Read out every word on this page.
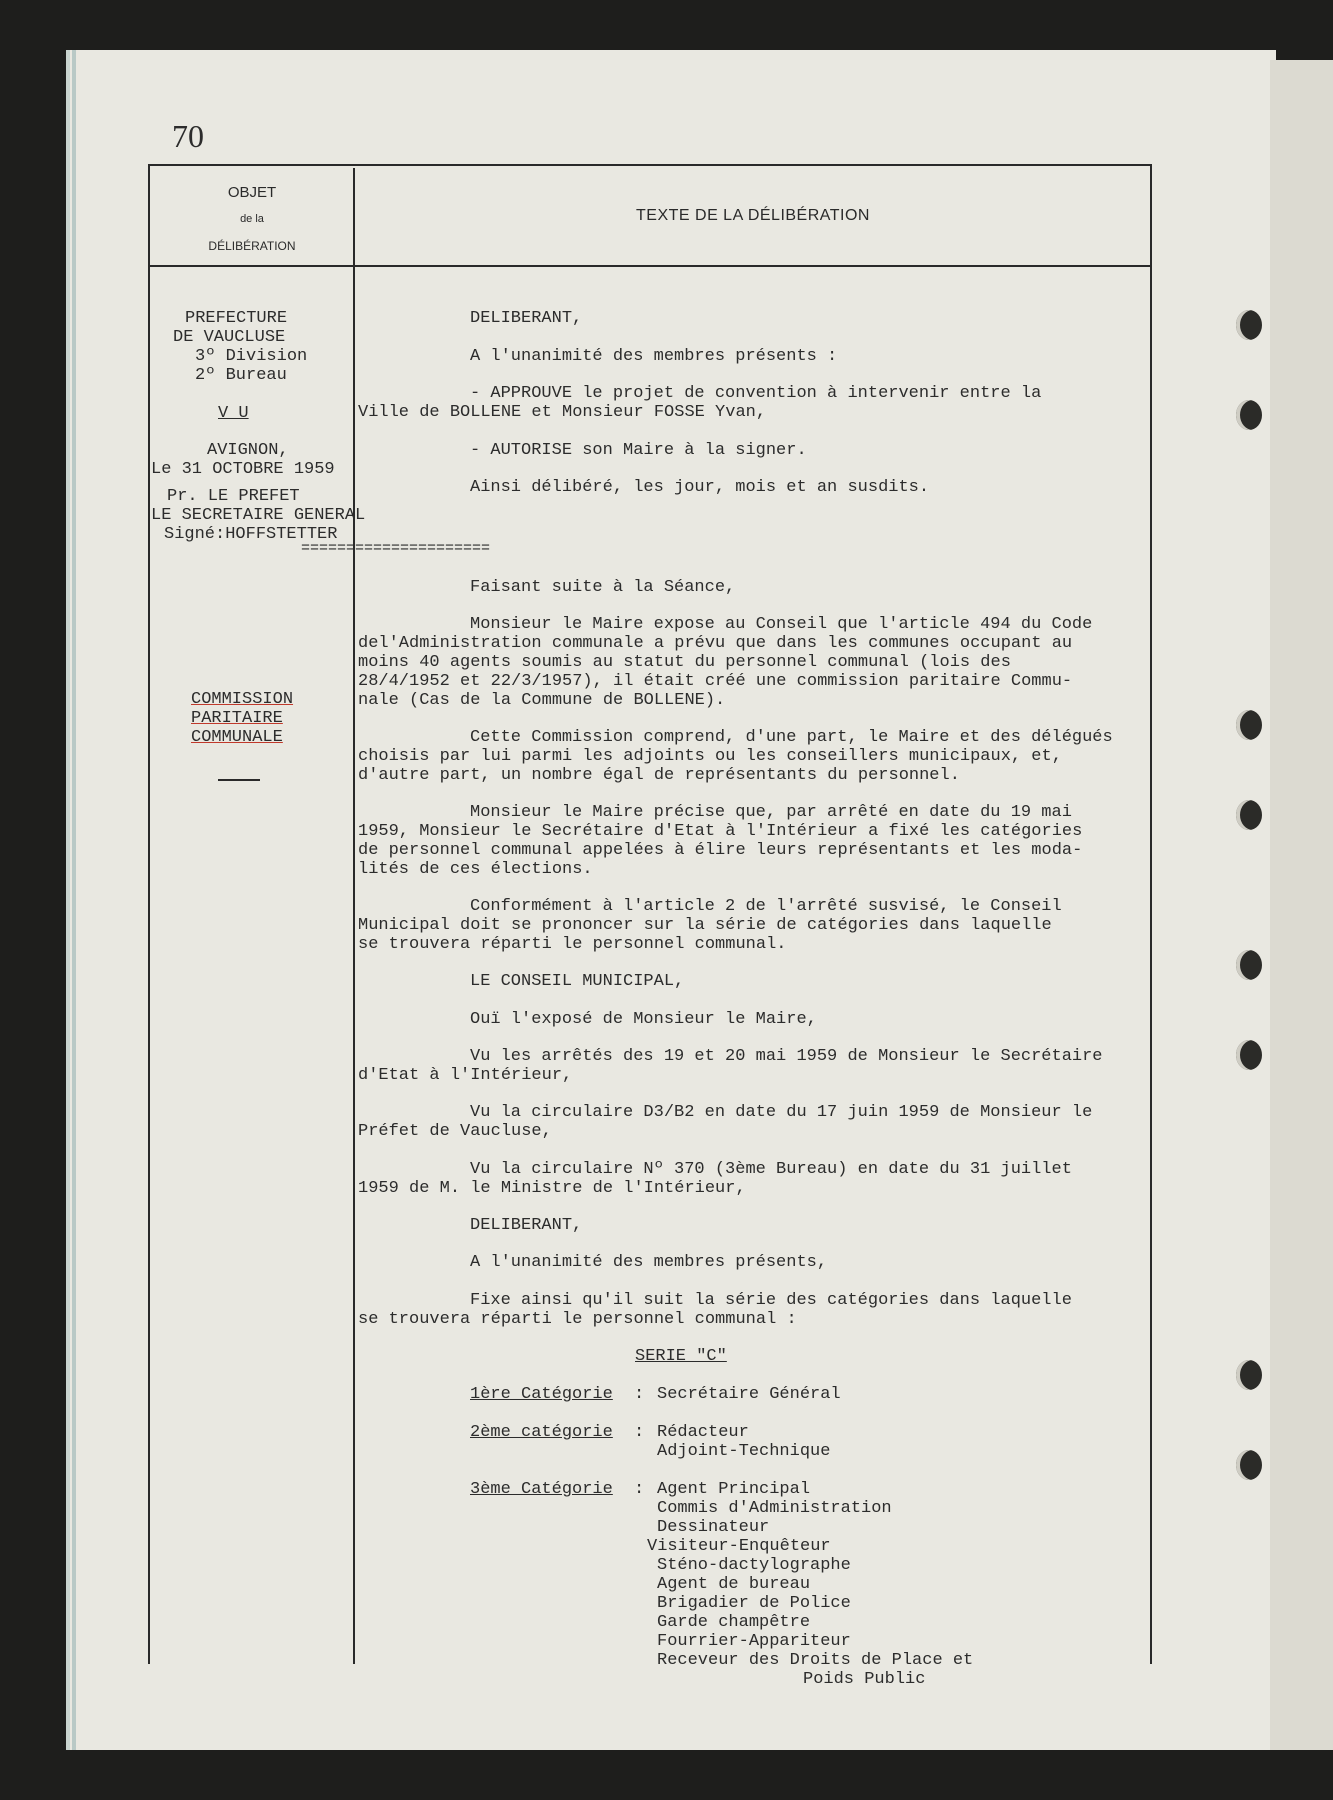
70
OBJET
de la
DÉLIBÉRATION
TEXTE DE LA DÉLIBÉRATION
PREFECTURE
DE VAUCLUSE
3º Division
2º Bureau
V U
AVIGNON,
Le 31 OCTOBRE 1959
Pr. LE PREFET
LE SECRETAIRE GENERAL
Signé:HOFFSTETTER
=====================
COMMISSION
PARITAIRE
COMMUNALE
DELIBERANT,
A l'unanimité des membres présents :
- APPROUVE le projet de convention à intervenir entre la
Ville de BOLLENE et Monsieur FOSSE Yvan,
- AUTORISE son Maire à la signer.
Ainsi délibéré, les jour, mois et an susdits.
Faisant suite à la Séance,
Monsieur le Maire expose au Conseil que l'article 494 du Code
del'Administration communale a prévu que dans les communes occupant au
moins 40 agents soumis au statut du personnel communal (lois des
28/4/1952 et 22/3/1957), il était créé une commission paritaire Commu-
nale (Cas de la Commune de BOLLENE).
Cette Commission comprend, d'une part, le Maire et des délégués
choisis par lui parmi les adjoints ou les conseillers municipaux, et,
d'autre part, un nombre égal de représentants du personnel.
Monsieur le Maire précise que, par arrêté en date du 19 mai
1959, Monsieur le Secrétaire d'Etat à l'Intérieur a fixé les catégories
de personnel communal appelées à élire leurs représentants et les moda-
lités de ces élections.
Conformément à l'article 2 de l'arrêté susvisé, le Conseil
Municipal doit se prononcer sur la série de catégories dans laquelle
se trouvera réparti le personnel communal.
LE CONSEIL MUNICIPAL,
Ouï l'exposé de Monsieur le Maire,
Vu les arrêtés des 19 et 20 mai 1959 de Monsieur le Secrétaire
d'Etat à l'Intérieur,
Vu la circulaire D3/B2 en date du 17 juin 1959 de Monsieur le
Préfet de Vaucluse,
Vu la circulaire Nº 370 (3ème Bureau) en date du 31 juillet
1959 de M. le Ministre de l'Intérieur,
DELIBERANT,
A l'unanimité des membres présents,
Fixe ainsi qu'il suit la série des catégories dans laquelle
se trouvera réparti le personnel communal :
SERIE "C"
1ère Catégorie : Secrétaire Général
2ème catégorie : Rédacteur
Adjoint-Technique
3ème Catégorie : Agent Principal
Commis d'Administration
Dessinateur
Visiteur-Enquêteur
Sténo-dactylographe
Agent de bureau
Brigadier de Police
Garde champêtre
Fourrier-Appariteur
Receveur des Droits de Place et
Poids Public
